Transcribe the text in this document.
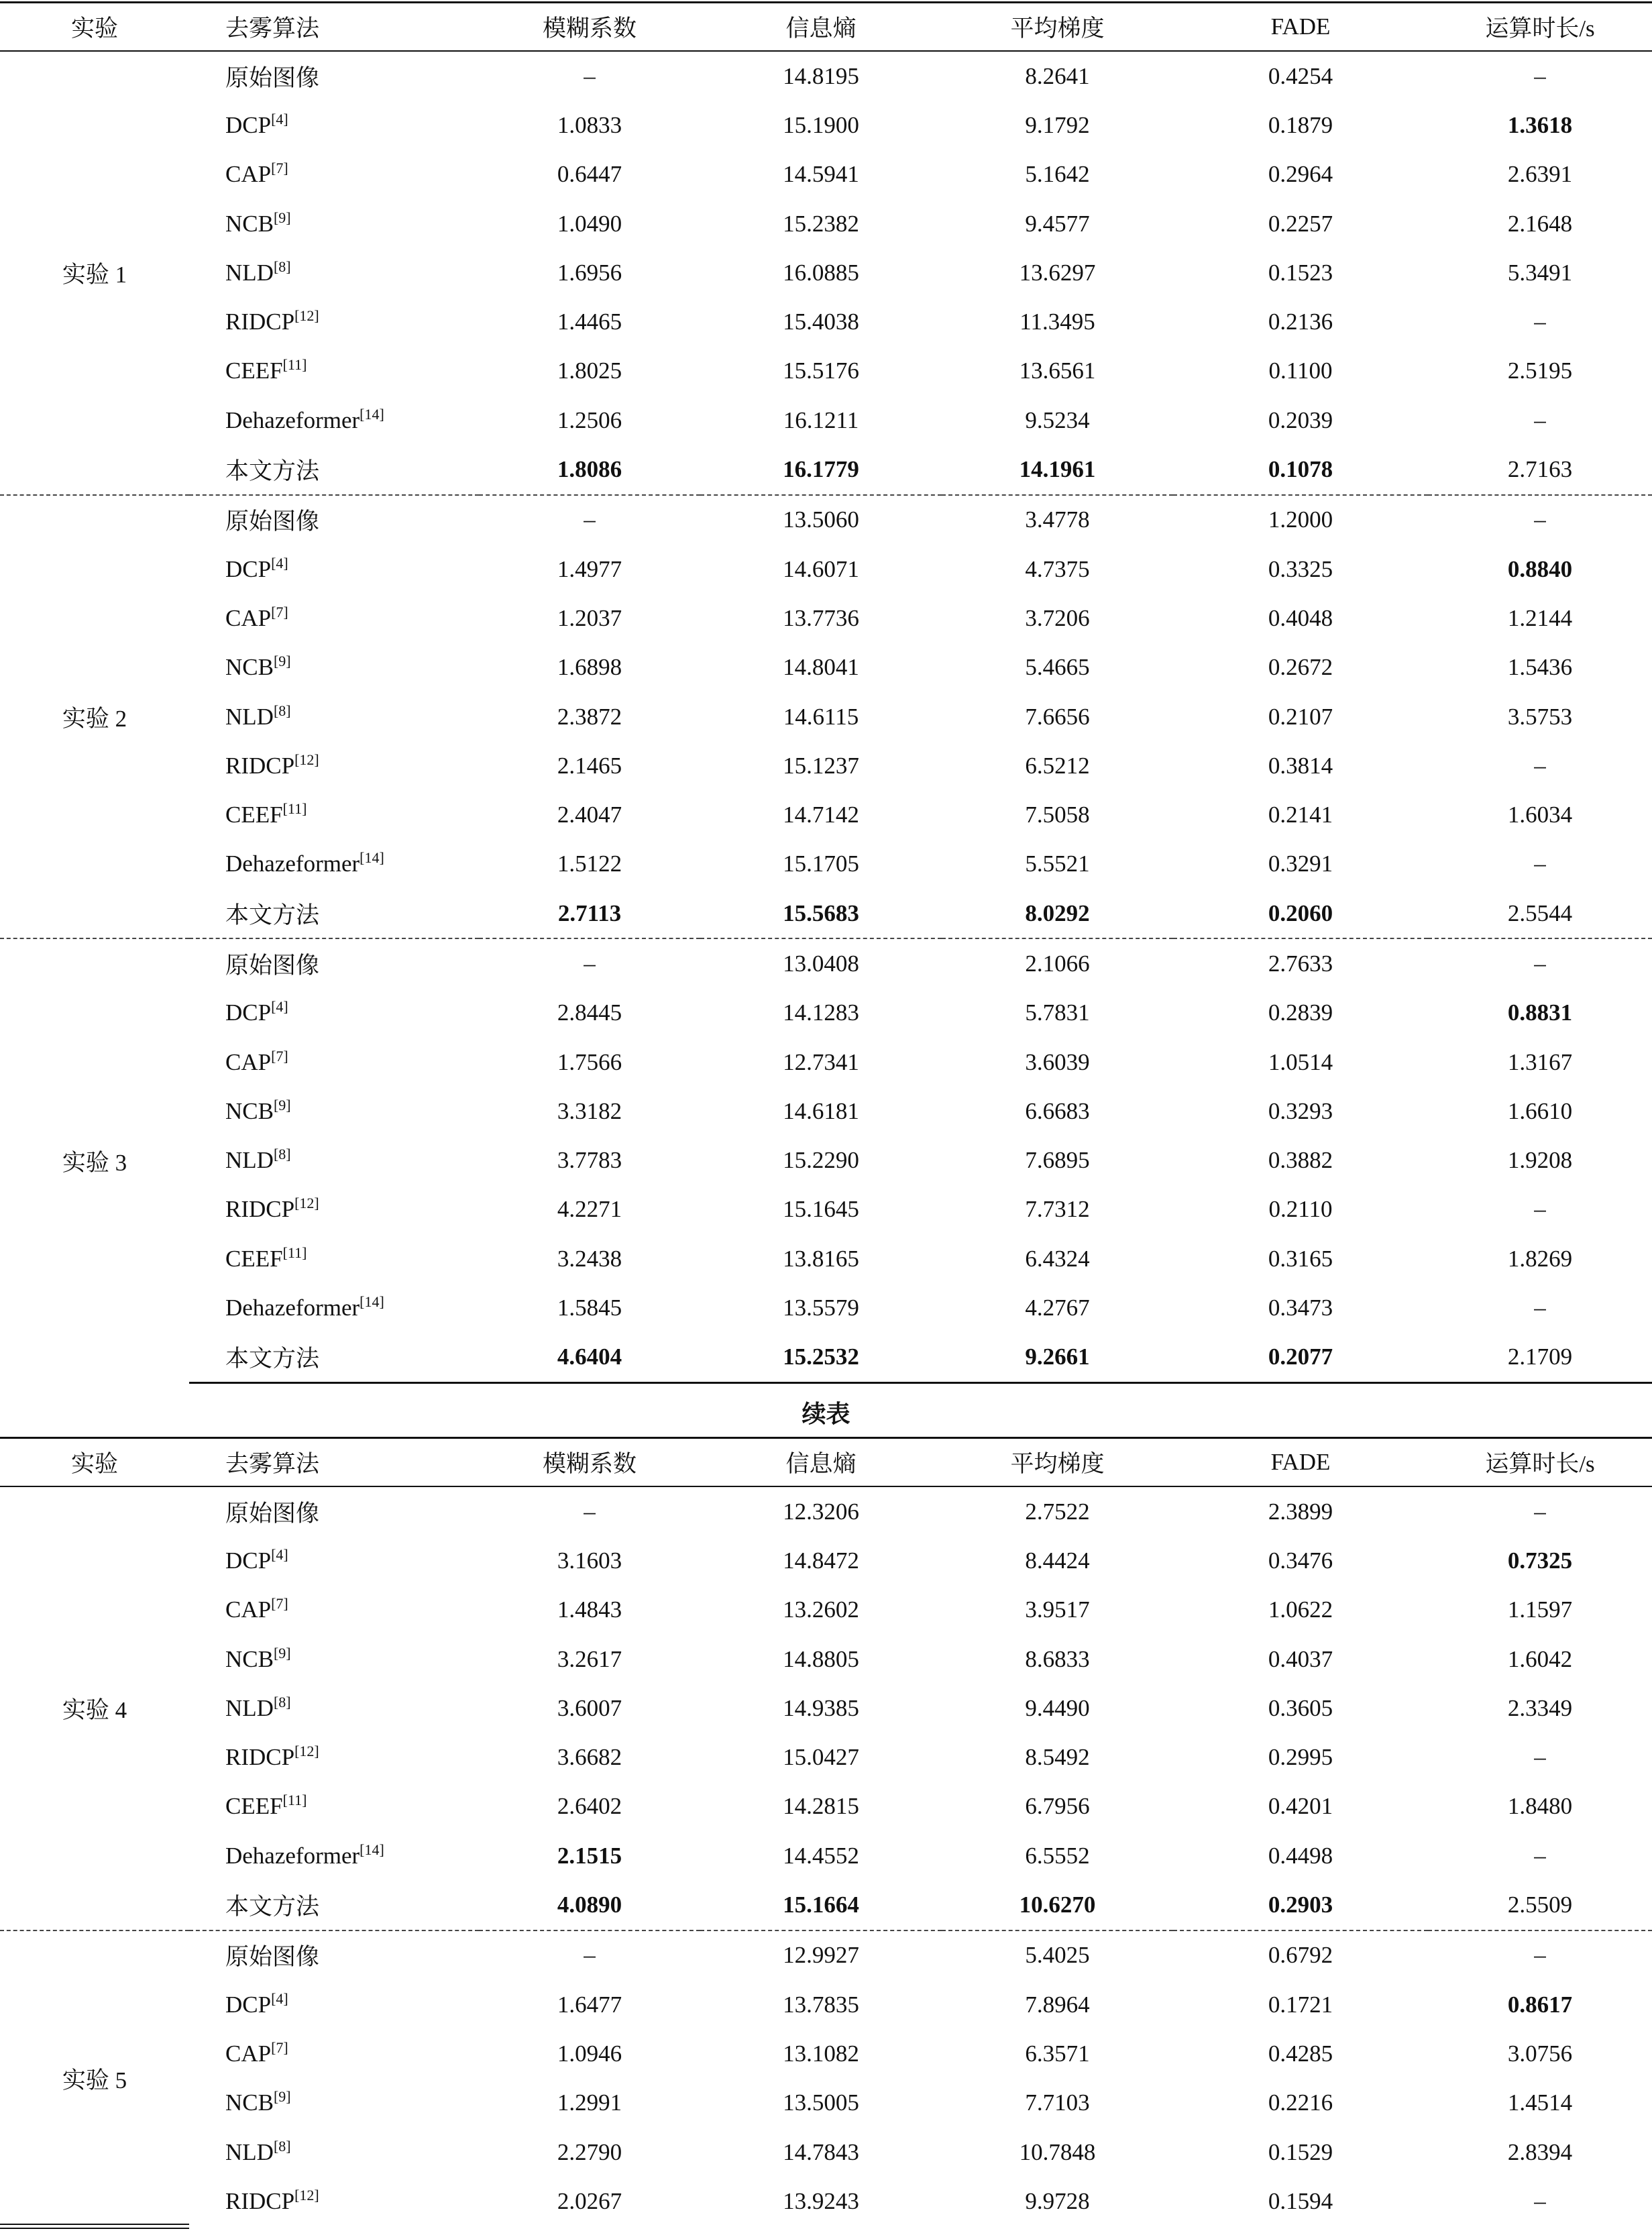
实验	去雾算法	模糊系数	信息熵	平均梯度	FADE	运算时长/s
实验 1	原始图像	–	14.8195	8.2641	0.4254	–
	DCP[4]	1.0833	15.1900	9.1792	0.1879	1.3618
	CAP[7]	0.6447	14.5941	5.1642	0.2964	2.6391
	NCB[9]	1.0490	15.2382	9.4577	0.2257	2.1648
	NLD[8]	1.6956	16.0885	13.6297	0.1523	5.3491
	RIDCP[12]	1.4465	15.4038	11.3495	0.2136	–
	CEEF[11]	1.8025	15.5176	13.6561	0.1100	2.5195
	Dehazeformer[14]	1.2506	16.1211	9.5234	0.2039	–
	本文方法	1.8086	16.1779	14.1961	0.1078	2.7163
实验 2	原始图像	–	13.5060	3.4778	1.2000	–
	DCP[4]	1.4977	14.6071	4.7375	0.3325	0.8840
	CAP[7]	1.2037	13.7736	3.7206	0.4048	1.2144
	NCB[9]	1.6898	14.8041	5.4665	0.2672	1.5436
	NLD[8]	2.3872	14.6115	7.6656	0.2107	3.5753
	RIDCP[12]	2.1465	15.1237	6.5212	0.3814	–
	CEEF[11]	2.4047	14.7142	7.5058	0.2141	1.6034
	Dehazeformer[14]	1.5122	15.1705	5.5521	0.3291	–
	本文方法	2.7113	15.5683	8.0292	0.2060	2.5544
实验 3	原始图像	–	13.0408	2.1066	2.7633	–
	DCP[4]	2.8445	14.1283	5.7831	0.2839	0.8831
	CAP[7]	1.7566	12.7341	3.6039	1.0514	1.3167
	NCB[9]	3.3182	14.6181	6.6683	0.3293	1.6610
	NLD[8]	3.7783	15.2290	7.6895	0.3882	1.9208
	RIDCP[12]	4.2271	15.1645	7.7312	0.2110	–
	CEEF[11]	3.2438	13.8165	6.4324	0.3165	1.8269
	Dehazeformer[14]	1.5845	13.5579	4.2767	0.3473	–
	本文方法	4.6404	15.2532	9.2661	0.2077	2.1709
续表
实验	去雾算法	模糊系数	信息熵	平均梯度	FADE	运算时长/s
实验 4	原始图像	–	12.3206	2.7522	2.3899	–
	DCP[4]	3.1603	14.8472	8.4424	0.3476	0.7325
	CAP[7]	1.4843	13.2602	3.9517	1.0622	1.1597
	NCB[9]	3.2617	14.8805	8.6833	0.4037	1.6042
	NLD[8]	3.6007	14.9385	9.4490	0.3605	2.3349
	RIDCP[12]	3.6682	15.0427	8.5492	0.2995	–
	CEEF[11]	2.6402	14.2815	6.7956	0.4201	1.8480
	Dehazeformer[14]	2.1515	14.4552	6.5552	0.4498	–
	本文方法	4.0890	15.1664	10.6270	0.2903	2.5509
实验 5	原始图像	–	12.9927	5.4025	0.6792	–
	DCP[4]	1.6477	13.7835	7.8964	0.1721	0.8617
	CAP[7]	1.0946	13.1082	6.3571	0.4285	3.0756
	NCB[9]	1.2991	13.5005	7.7103	0.2216	1.4514
	NLD[8]	2.2790	14.7843	10.7848	0.1529	2.8394
	RIDCP[12]	2.0267	13.9243	9.9728	0.1594	–
